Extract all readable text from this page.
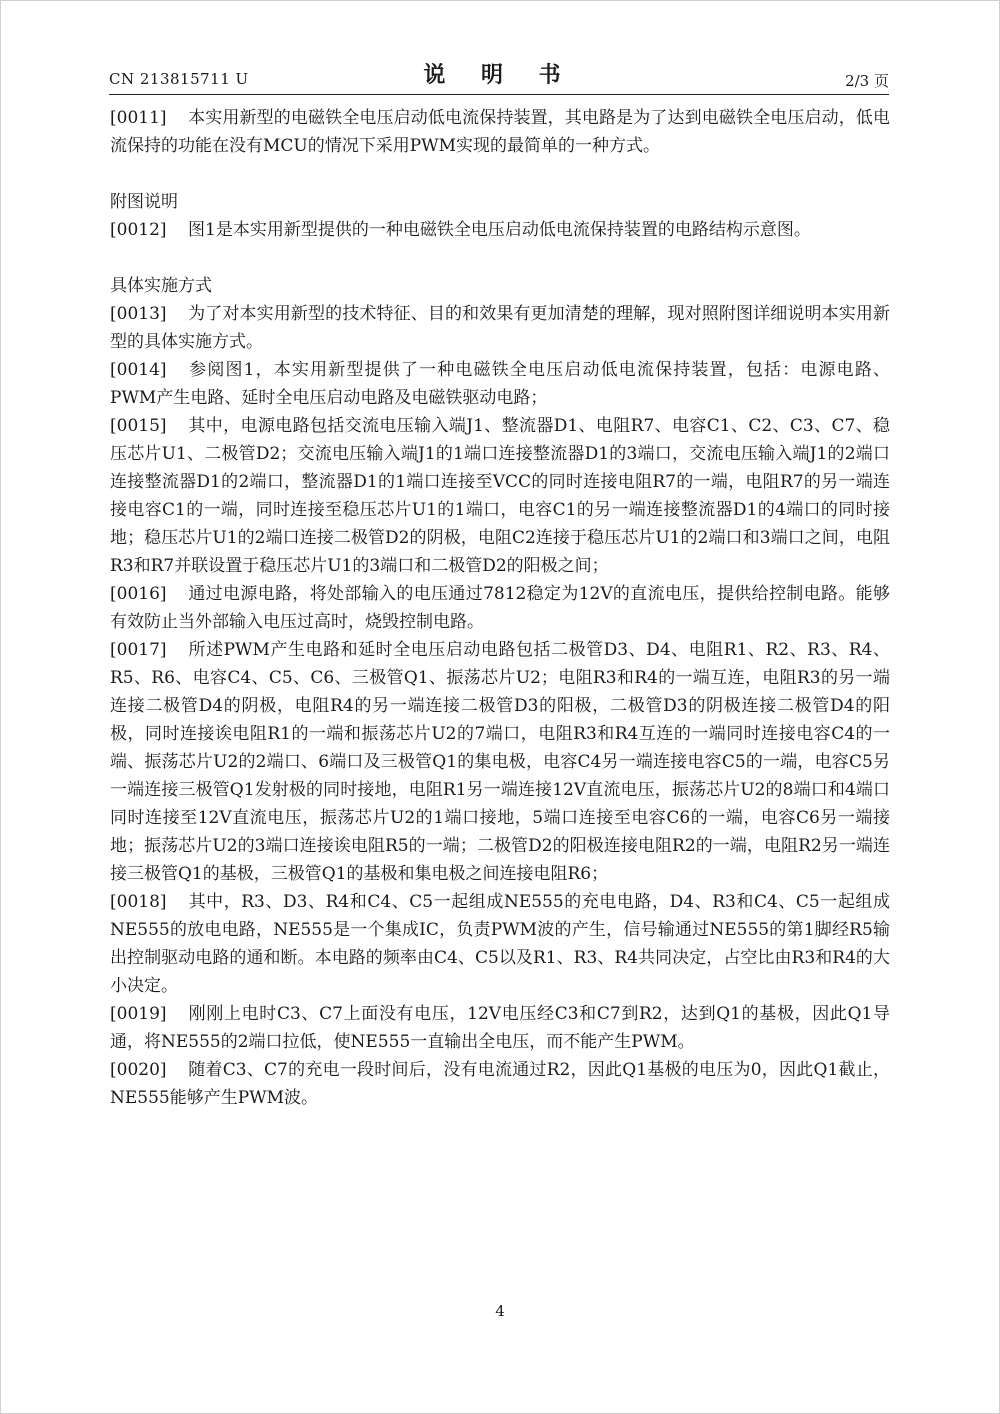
CN 213815711 U	说 明 书	2/3 页

[0011] 本实用新型的电磁铁全电压启动低电流保持装置，其电路是为了达到电磁铁全电压启动，低电流保持的功能在没有MCU的情况下采用PWM实现的最简单的一种方式。

附图说明

[0012] 图1是本实用新型提供的一种电磁铁全电压启动低电流保持装置的电路结构示意图。

具体实施方式

[0013] 为了对本实用新型的技术特征、目的和效果有更加清楚的理解，现对照附图详细说明本实用新型的具体实施方式。

[0014] 参阅图1，本实用新型提供了一种电磁铁全电压启动低电流保持装置，包括：电源电路、PWM产生电路、延时全电压启动电路及电磁铁驱动电路；

[0015] 其中，电源电路包括交流电压输入端J1、整流器D1、电阻R7、电容C1、C2、C3、C7、稳压芯片U1、二极管D2；交流电压输入端J1的1端口连接整流器D1的3端口，交流电压输入端J1的2端口连接整流器D1的2端口，整流器D1的1端口连接至VCC的同时连接电阻R7的一端，电阻R7的另一端连接电容C1的一端，同时连接至稳压芯片U1的1端口，电容C1的另一端连接整流器D1的4端口的同时接地；稳压芯片U1的2端口连接二极管D2的阴极，电阻C2连接于稳压芯片U1的2端口和3端口之间，电阻R3和R7并联设置于稳压芯片U1的3端口和二极管D2的阳极之间；

[0016] 通过电源电路，将处部输入的电压通过7812稳定为12V的直流电压，提供给控制电路。能够有效防止当外部输入电压过高时，烧毁控制电路。

[0017] 所述PWM产生电路和延时全电压启动电路包括二极管D3、D4、电阻R1、R2、R3、R4、R5、R6、电容C4、C5、C6、三极管Q1、振荡芯片U2；电阻R3和R4的一端互连，电阻R3的另一端连接二极管D4的阴极，电阻R4的另一端连接二极管D3的阳极，二极管D3的阴极连接二极管D4的阳极，同时连接诶电阻R1的一端和振荡芯片U2的7端口，电阻R3和R4互连的一端同时连接电容C4的一端、振荡芯片U2的2端口、6端口及三极管Q1的集电极，电容C4另一端连接电容C5的一端，电容C5另一端连接三极管Q1发射极的同时接地，电阻R1另一端连接12V直流电压，振荡芯片U2的8端口和4端口同时连接至12V直流电压，振荡芯片U2的1端口接地，5端口连接至电容C6的一端，电容C6另一端接地；振荡芯片U2的3端口连接诶电阻R5的一端；二极管D2的阳极连接电阻R2的一端，电阻R2另一端连接三极管Q1的基极，三极管Q1的基极和集电极之间连接电阻R6；

[0018] 其中，R3、D3、R4和C4、C5一起组成NE555的充电电路，D4、R3和C4、C5一起组成NE555的放电电路，NE555是一个集成IC，负责PWM波的产生，信号输通过NE555的第1脚经R5输出控制驱动电路的通和断。本电路的频率由C4、C5以及R1、R3、R4共同决定，占空比由R3和R4的大小决定。

[0019] 刚刚上电时C3、C7上面没有电压，12V电压经C3和C7到R2，达到Q1的基极，因此Q1导通，将NE555的2端口拉低，使NE555一直输出全电压，而不能产生PWM。

[0020] 随着C3、C7的充电一段时间后，没有电流通过R2，因此Q1基极的电压为0，因此Q1截止，NE555能够产生PWM波。

4
